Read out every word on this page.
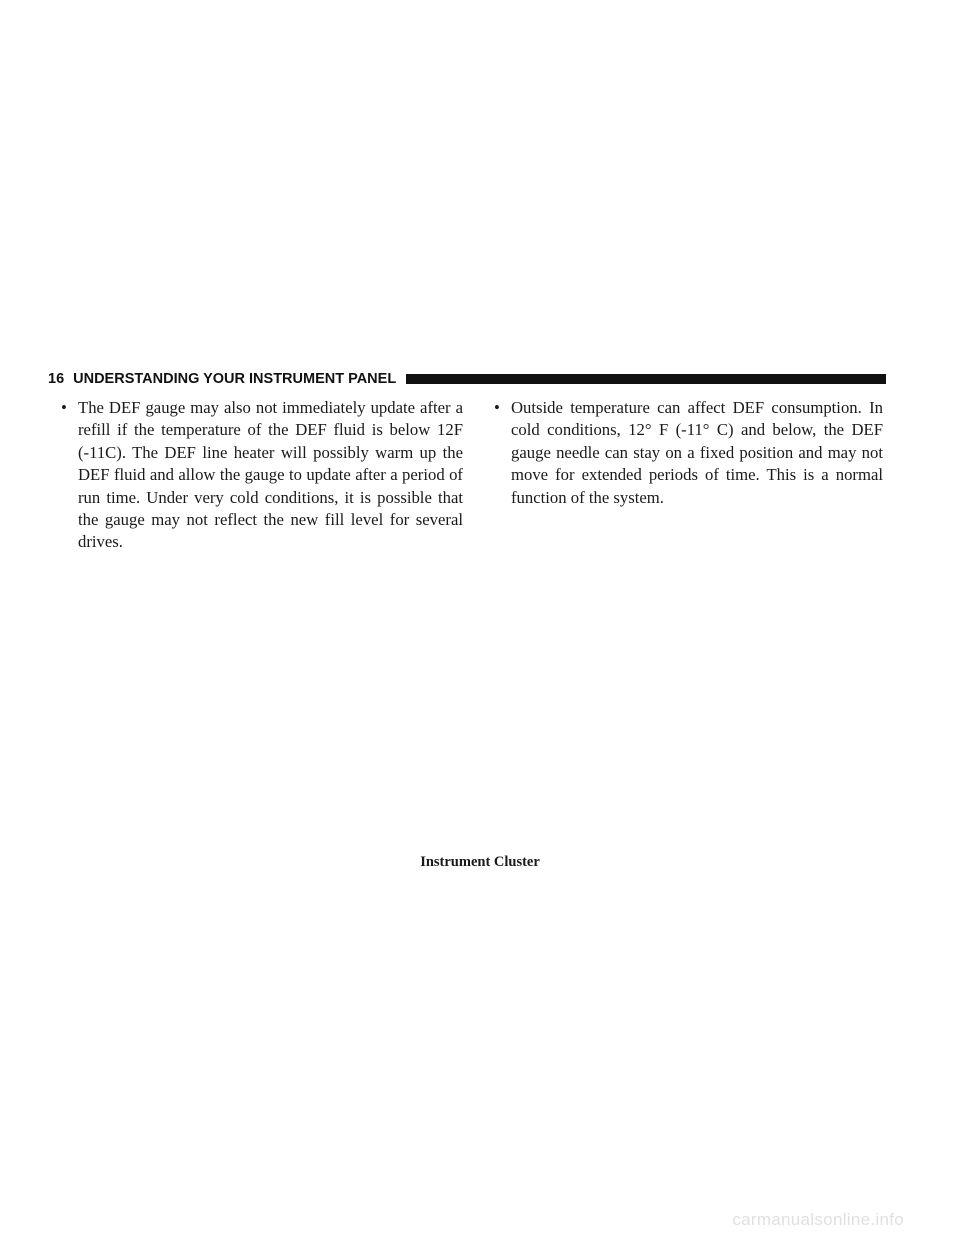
16 UNDERSTANDING YOUR INSTRUMENT PANEL
• The DEF gauge may also not immediately update after a refill if the temperature of the DEF fluid is below 12F (-11C). The DEF line heater will possibly warm up the DEF fluid and allow the gauge to update after a period of run time. Under very cold conditions, it is possible that the gauge may not reflect the new fill level for several drives.
• Outside temperature can affect DEF consumption. In cold conditions, 12° F (-11° C) and below, the DEF gauge needle can stay on a fixed position and may not move for extended periods of time. This is a normal function of the system.
Instrument Cluster
carmanualsonline.info
